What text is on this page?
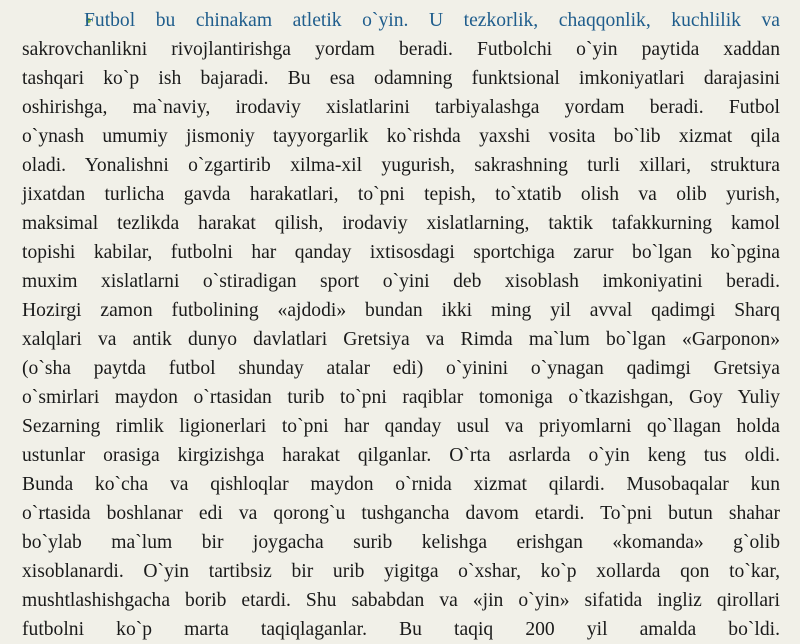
Futbol bu chinakam atletik o`yin. U tezkorlik, chaqqonlik, kuchlilik va
sakrovchanlikni rivojlantirishga yordam beradi. Futbolchi o`yin paytida xaddan
tashqari ko`p ish bajaradi. Bu esa odamning funktsional imkoniyatlari darajasini
oshirishga, ma`naviy, irodaviy xislatlarini tarbiyalashga yordam beradi. Futbol
o`ynash umumiy jismoniy tayyorgarlik ko`rishda yaxshi vosita bo`lib xizmat qila
oladi. Yonalishni o`zgartirib xilma-xil yugurish, sakrashning turli xillari, struktura
jixatdan turlicha gavda harakatlari, to`pni tepish, to`xtatib olish va olib yurish,
maksimal tezlikda harakat qilish, irodaviy xislatlarning, taktik tafakkurning kamol
topishi kabilar, futbolni har qanday ixtisosdagi sportchiga zarur bo`lgan ko`pgina
muxim xislatlarni o`stiradigan sport o`yini deb xisoblash imkoniyatini beradi.
Hozirgi zamon futbolining «ajdodi» bundan ikki ming yil avval qadimgi Sharq
xalqlari va antik dunyo davlatlari Gretsiya va Rimda ma`lum bo`lgan «Garponon»
(o`sha paytda futbol shunday atalar edi) o`yinini o`ynagan qadimgi Gretsiya
o`smirlari maydon o`rtasidan turib to`pni raqiblar tomoniga o`tkazishgan, Goy Yuliy
Sezarning rimlik ligionerlari to`pni har qanday usul va priyomlarni qo`llagan holda
ustunlar orasiga kirgizishga harakat qilganlar. O`rta asrlarda o`yin keng tus oldi.
Bunda ko`cha va qishloqlar maydon o`rnida xizmat qilardi. Musobaqalar kun
o`rtasida boshlanar edi va qorong`u tushgancha davom etardi. To`pni butun shahar
bo`ylab ma`lum bir joygacha surib kelishga erishgan «komanda» g`olib
xisoblanardi. O`yin tartibsiz bir urib yigitga o`xshar, ko`p xollarda qon to`kar,
mushtlashishgacha borib etardi. Shu sababdan va «jin o`yin» sifatida ingliz qirollari
futbolni ko`p marta taqiqlaganlar. Bu taqiq 200 yil amalda bo`ldi.
